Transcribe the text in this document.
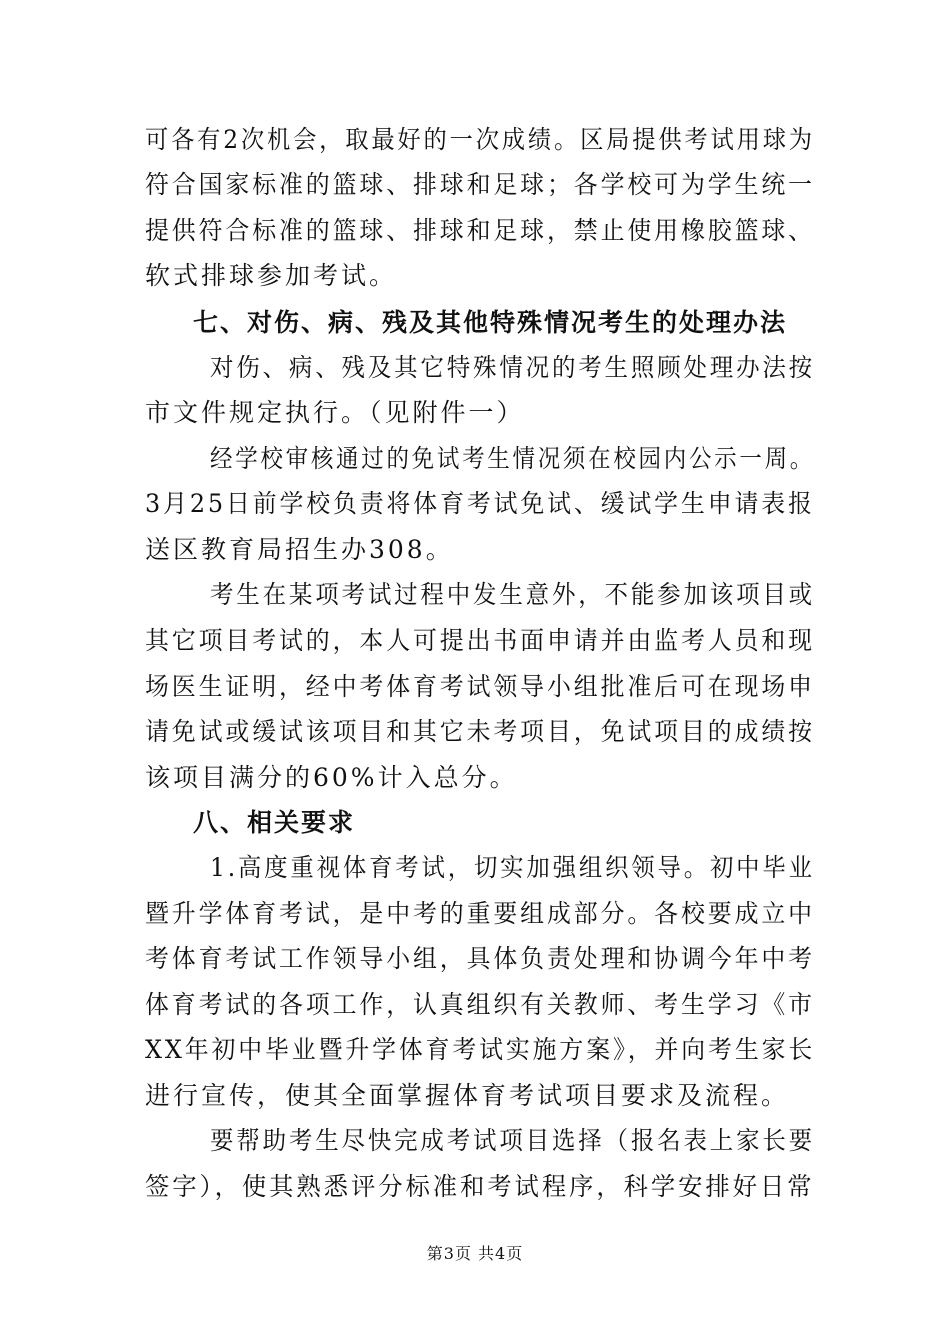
可各有2次机会，取最好的一次成绩。区局提供考试用球为
符合国家标准的篮球、排球和足球；各学校可为学生统一
提供符合标准的篮球、排球和足球，禁止使用橡胶篮球、
软式排球参加考试。
七、对伤、病、残及其他特殊情况考生的处理办法
对伤、病、残及其它特殊情况的考生照顾处理办法按
市文件规定执行。（见附件一）
经学校审核通过的免试考生情况须在校园内公示一周。
3月25日前学校负责将体育考试免试、缓试学生申请表报
送区教育局招生办308。
考生在某项考试过程中发生意外，不能参加该项目或
其它项目考试的，本人可提出书面申请并由监考人员和现
场医生证明，经中考体育考试领导小组批准后可在现场申
请免试或缓试该项目和其它未考项目，免试项目的成绩按
该项目满分的60%计入总分。
八、相关要求
1.高度重视体育考试，切实加强组织领导。初中毕业
暨升学体育考试，是中考的重要组成部分。各校要成立中
考体育考试工作领导小组，具体负责处理和协调今年中考
体育考试的各项工作，认真组织有关教师、考生学习《市
XX年初中毕业暨升学体育考试实施方案》，并向考生家长
进行宣传，使其全面掌握体育考试项目要求及流程。
要帮助考生尽快完成考试项目选择（报名表上家长要
签字），使其熟悉评分标准和考试程序，科学安排好日常
第3页 共4页
